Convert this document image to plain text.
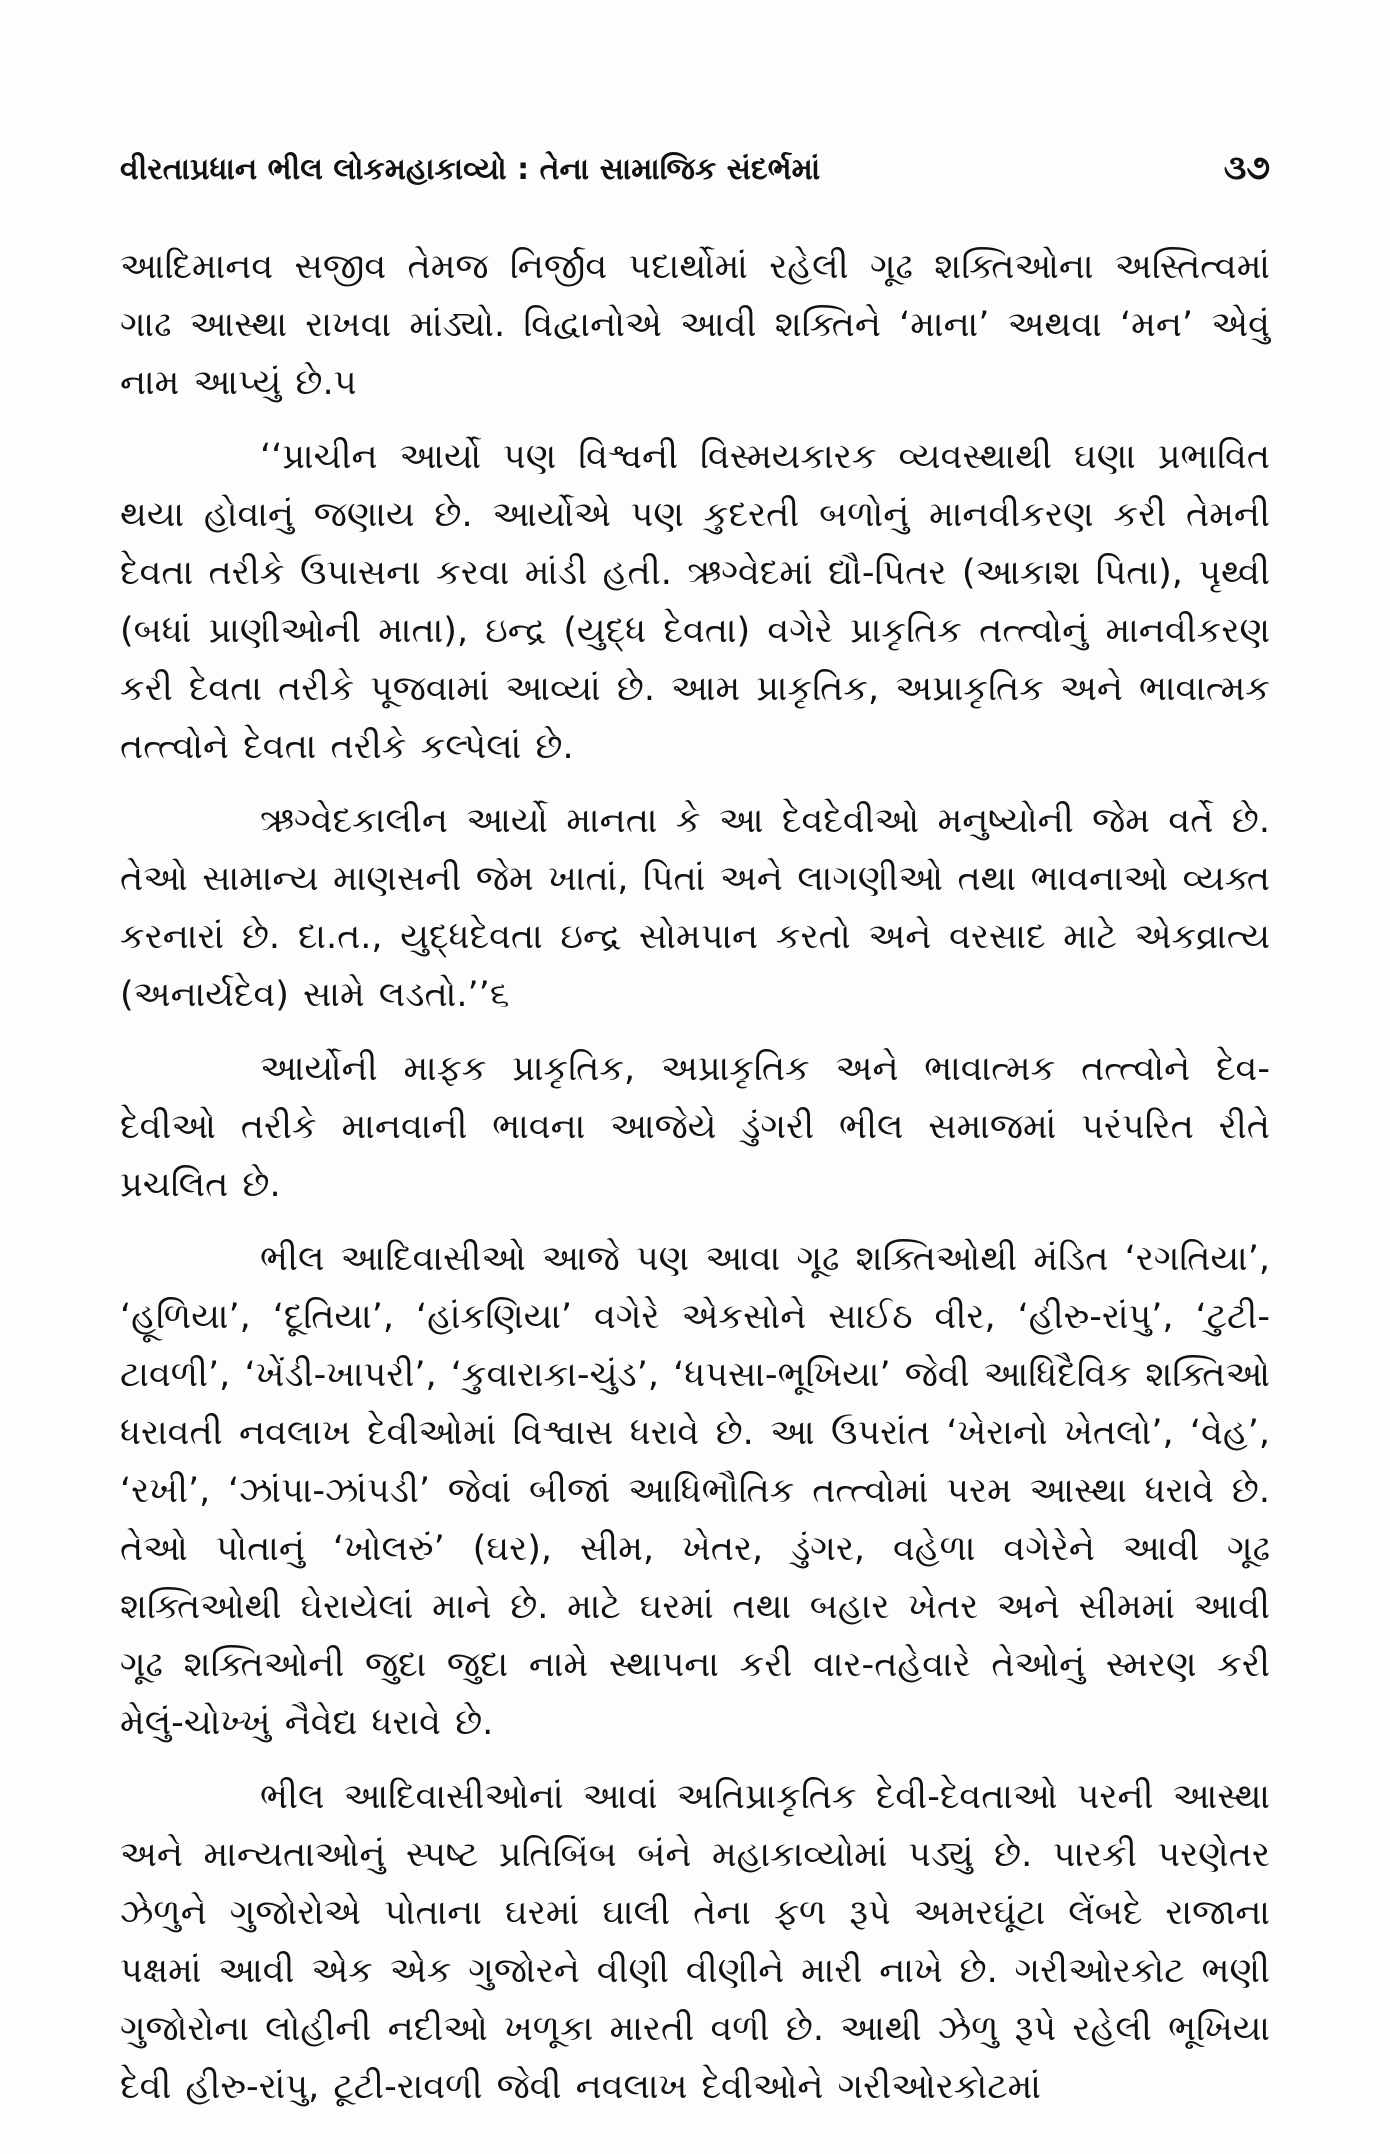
વીરતાપ્રધાન ભીલ લોકમહાકાવ્યો : તેના સામાજિક સંદર્ભમાં	૩૭

આદિમાનવ સજીવ તેમજ નિર્જીવ પદાર્થોમાં રહેલી ગૂઢ શક્તિઓના અસ્તિત્વમાં ગાઢ આસ્થા રાખવા માંડ્યો. વિદ્વાનોએ આવી શક્તિને ‘માના’ અથવા ‘મન’ એવું નામ આપ્યું છે.૫

‘‘પ્રાચીન આર્યો પણ વિશ્વની વિસ્મયકારક વ્યવસ્થાથી ઘણા પ્રભાવિત થયા હોવાનું જણાય છે. આર્યોએ પણ કુદરતી બળોનું માનવીકરણ કરી તેમની દેવતા તરીકે ઉપાસના કરવા માંડી હતી. ઋગ્વેદમાં દ્યૌ-પિતર (આકાશ પિતા), પૃથ્વી (બધાં પ્રાણીઓની માતા), ઇન્દ્ર (યુદ્ધ દેવતા) વગેરે પ્રાકૃતિક તત્ત્વોનું માનવીકરણ કરી દેવતા તરીકે પૂજવામાં આવ્યાં છે. આમ પ્રાકૃતિક, અપ્રાકૃતિક અને ભાવાત્મક તત્ત્વોને દેવતા તરીકે કલ્પેલાં છે.

ઋગ્વેદકાલીન આર્યો માનતા કે આ દેવદેવીઓ મનુષ્યોની જેમ વર્તે છે. તેઓ સામાન્ય માણસની જેમ ખાતાં, પિતાં અને લાગણીઓ તથા ભાવનાઓ વ્યક્ત કરનારાં છે. દા.ત., યુદ્ધદેવતા ઇન્દ્ર સોમપાન કરતો અને વરસાદ માટે એકવ્રાત્ય (અનાર્યદેવ) સામે લડતો.’’૬

આર્યોની માફક પ્રાકૃતિક, અપ્રાકૃતિક અને ભાવાત્મક તત્ત્વોને દેવ-દેવીઓ તરીકે માનવાની ભાવના આજેયે ડુંગરી ભીલ સમાજમાં પરંપરિત રીતે પ્રચલિત છે.

ભીલ આદિવાસીઓ આજે પણ આવા ગૂઢ શક્તિઓથી મંડિત ‘રગતિયા’, ‘હૂળિયા’, ‘દૂતિયા’, ‘હાંકણિયા’ વગેરે એકસોને સાઈઠ વીર, ‘હીરુ-રાંપુ’, ‘ટુટી-ટાવળી’, ‘ખેંડી-ખાપરી’, ‘કુવારાકા-ચુંડ’, ‘ધપસા-ભૂખિયા’ જેવી આધિદૈવિક શક્તિઓ ધરાવતી નવલાખ દેવીઓમાં વિશ્વાસ ધરાવે છે. આ ઉપરાંત ‘ખેરાનો ખેતલો’, ‘વેહ’, ‘રખી’, ‘ઝાંપા-ઝાંપડી’ જેવાં બીજાં આધિભૌતિક તત્ત્વોમાં પરમ આસ્થા ધરાવે છે. તેઓ પોતાનું ‘ખોલરું’ (ઘર), સીમ, ખેતર, ડુંગર, વહેળા વગેરેને આવી ગૂઢ શક્તિઓથી ઘેરાયેલાં માને છે. માટે ઘરમાં તથા બહાર ખેતર અને સીમમાં આવી ગૂઢ શક્તિઓની જુદા જુદા નામે સ્થાપના કરી વાર-તહેવારે તેઓનું સ્મરણ કરી મેલું-ચોખ્ખું નૈવેદ્ય ધરાવે છે.

ભીલ આદિવાસીઓનાં આવાં અતિપ્રાકૃતિક દેવી-દેવતાઓ પરની આસ્થા અને માન્યતાઓનું સ્પષ્ટ પ્રતિબિંબ બંને મહાકાવ્યોમાં પડ્યું છે. પારકી પરણેતર ઝેળુને ગુજોરોએ પોતાના ઘરમાં ઘાલી તેના ફળ રૂપે અમરઘૂંટા લેંબદે રાજાના પક્ષમાં આવી એક એક ગુજોરને વીણી વીણીને મારી નાખે છે. ગરીઓરકોટ ભણી ગુજોરોના લોહીની નદીઓ ખળૂકા મારતી વળી છે. આથી ઝેળુ રૂપે રહેલી ભૂખિયા દેવી હીરુ-રાંપુ, ટૂટી-રાવળી જેવી નવલાખ દેવીઓને ગરીઓરકોટમાં
